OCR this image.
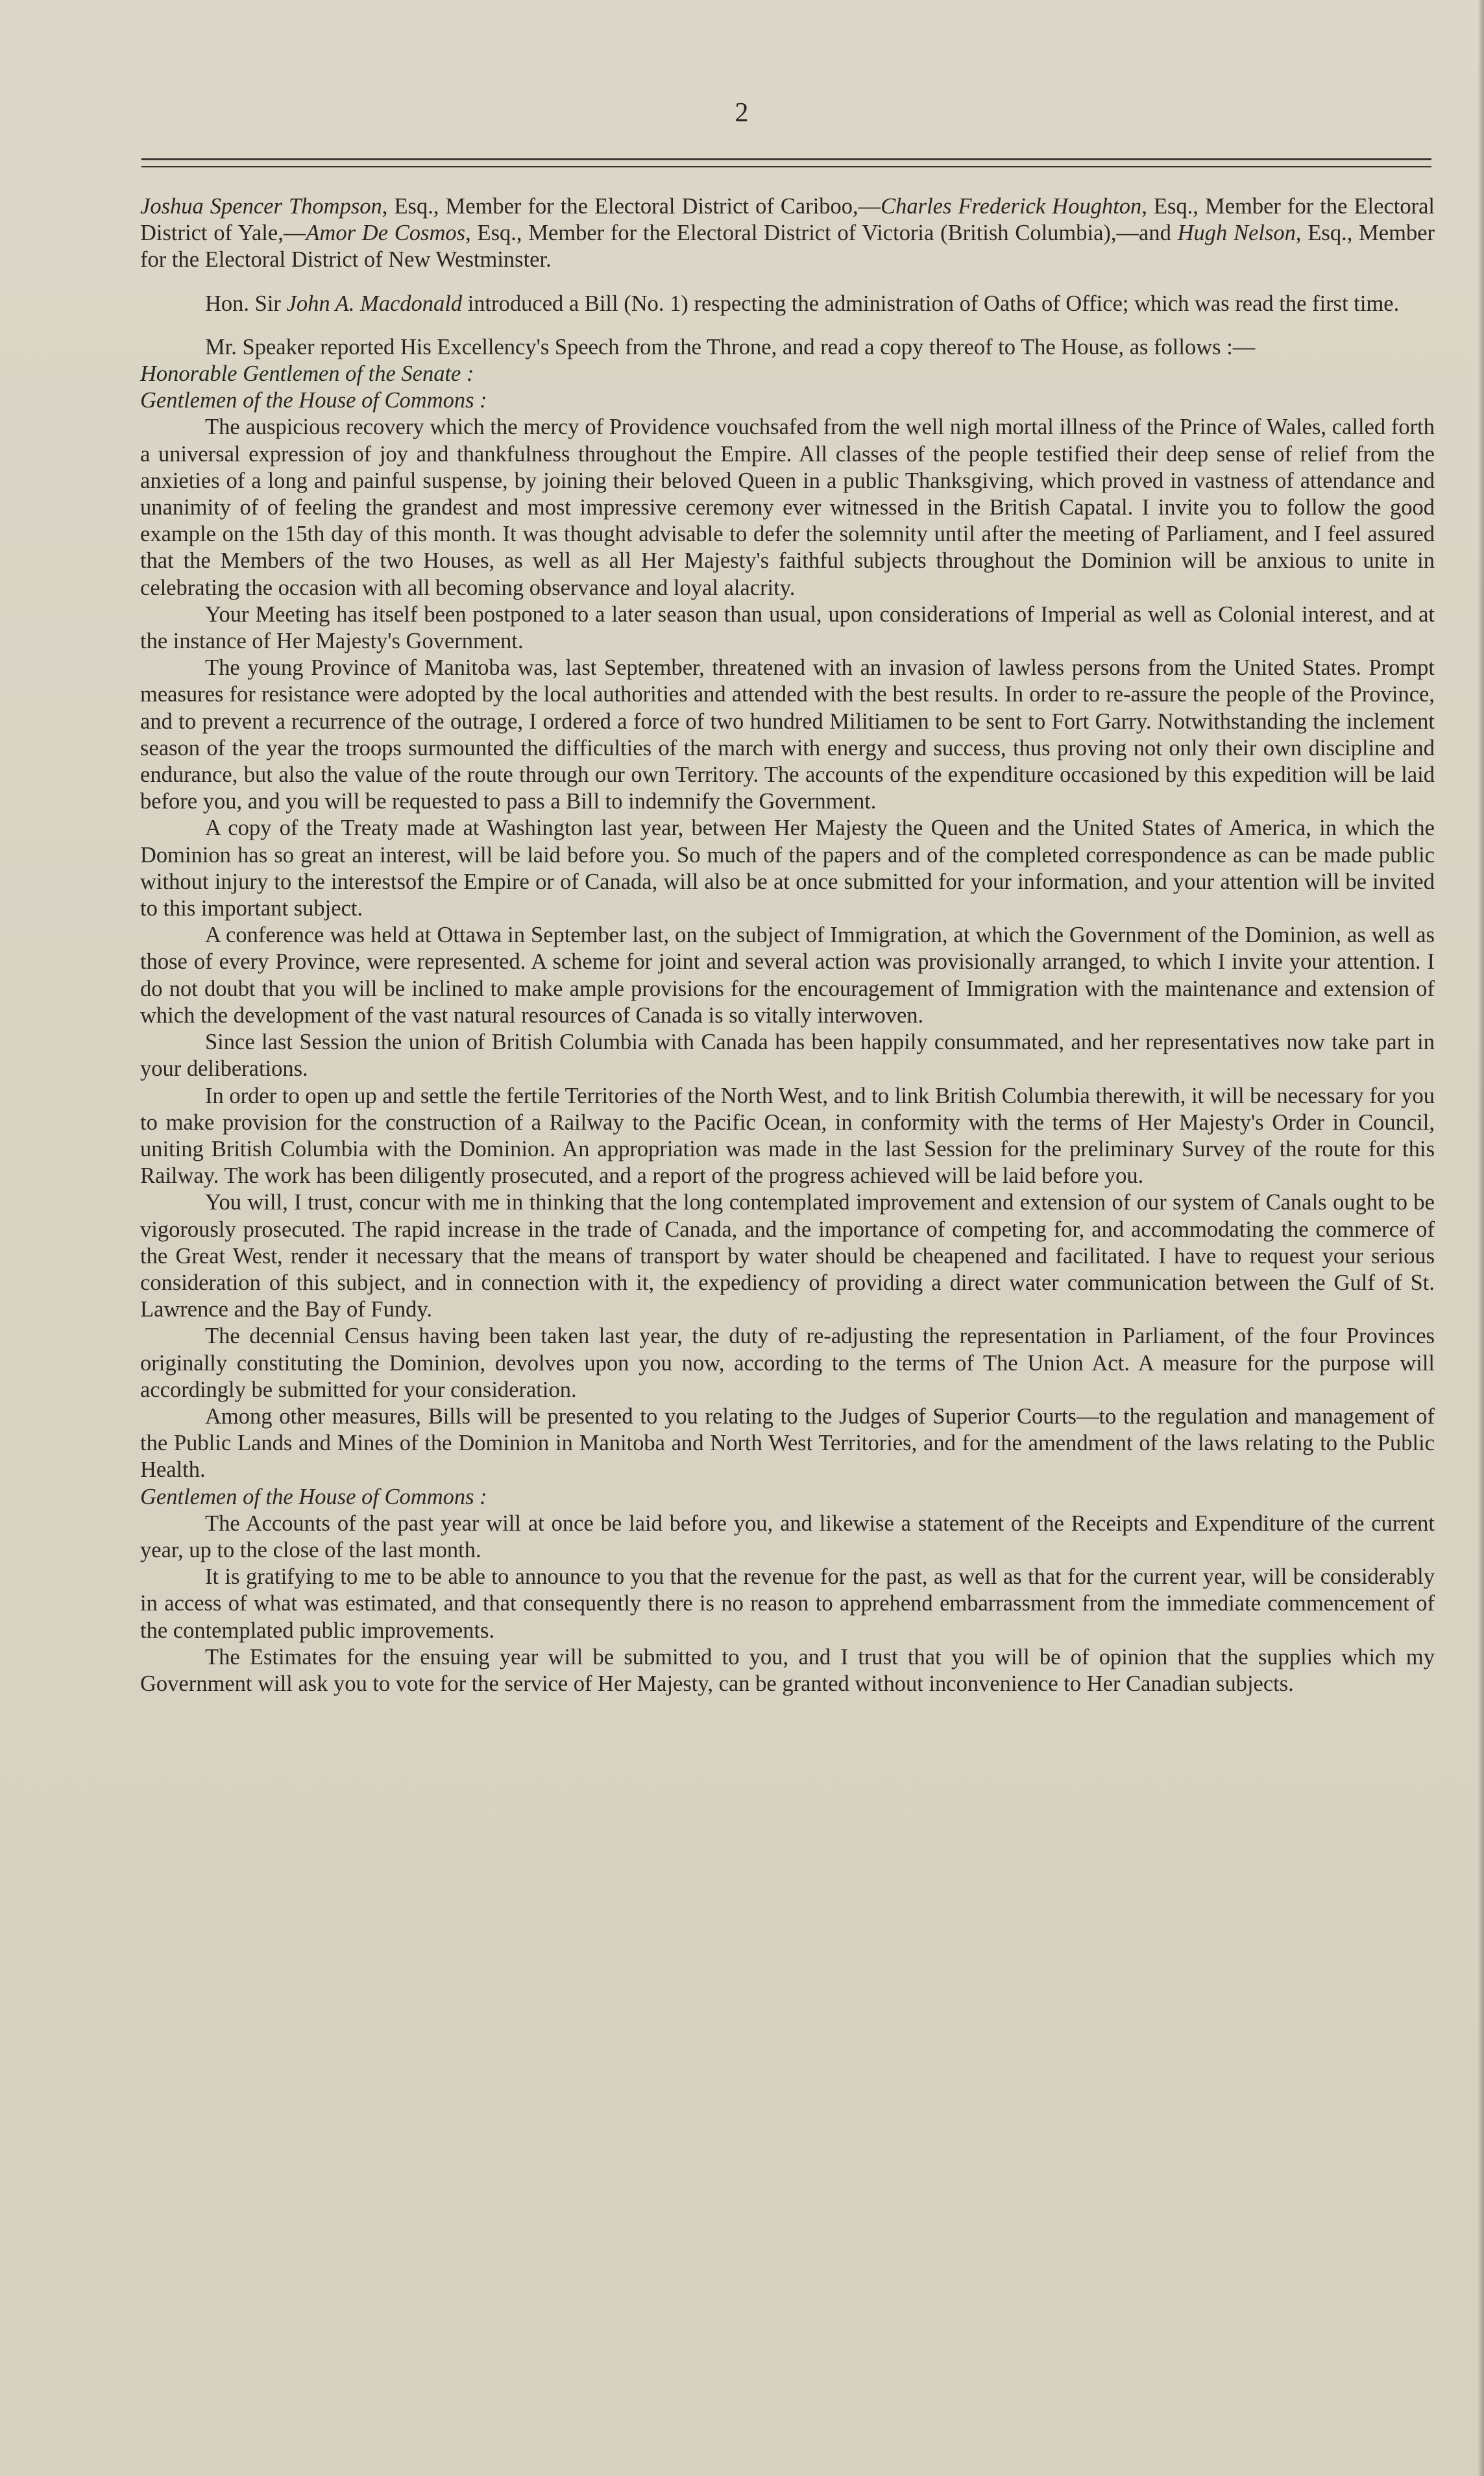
2

Joshua Spencer Thompson, Esq., Member for the Electoral District of Cariboo,—Charles Frederick Houghton, Esq., Member for the Electoral District of Yale,—Amor De Cosmos, Esq., Member for the Electoral District of Victoria (British Columbia),—and Hugh Nelson, Esq., Member for the Electoral District of New Westminster.

Hon. Sir John A. Macdonald introduced a Bill (No. 1) respecting the administration of Oaths of Office; which was read the first time.

Mr. Speaker reported His Excellency's Speech from the Throne, and read a copy thereof to The House, as follows :—

Honorable Gentlemen of the Senate :

Gentlemen of the House of Commons :

The auspicious recovery which the mercy of Providence vouchsafed from the well nigh mortal illness of the Prince of Wales, called forth a universal expression of joy and thankfulness throughout the Empire. All classes of the people testified their deep sense of relief from the anxieties of a long and painful suspense, by joining their beloved Queen in a public Thanksgiving, which proved in vastness of attendance and unanimity of of feeling the grandest and most impressive ceremony ever witnessed in the British Capatal. I invite you to follow the good example on the 15th day of this month. It was thought advisable to defer the solemnity until after the meeting of Parliament, and I feel assured that the Members of the two Houses, as well as all Her Majesty's faithful subjects throughout the Dominion will be anxious to unite in celebrating the occasion with all becoming observance and loyal alacrity.

Your Meeting has itself been postponed to a later season than usual, upon considerations of Imperial as well as Colonial interest, and at the instance of Her Majesty's Government.

The young Province of Manitoba was, last September, threatened with an invasion of lawless persons from the United States. Prompt measures for resistance were adopted by the local authorities and attended with the best results. In order to re-assure the people of the Province, and to prevent a recurrence of the outrage, I ordered a force of two hundred Militiamen to be sent to Fort Garry. Notwithstanding the inclement season of the year the troops surmounted the difficulties of the march with energy and success, thus proving not only their own discipline and endurance, but also the value of the route through our own Territory. The accounts of the expenditure occasioned by this expedition will be laid before you, and you will be requested to pass a Bill to indemnify the Government.

A copy of the Treaty made at Washington last year, between Her Majesty the Queen and the United States of America, in which the Dominion has so great an interest, will be laid before you. So much of the papers and of the completed correspondence as can be made public without injury to the interestsof the Empire or of Canada, will also be at once submitted for your information, and your attention will be invited to this important subject.

A conference was held at Ottawa in September last, on the subject of Immigration, at which the Government of the Dominion, as well as those of every Province, were represented. A scheme for joint and several action was provisionally arranged, to which I invite your attention. I do not doubt that you will be inclined to make ample provisions for the encouragement of Immigration with the maintenance and extension of which the development of the vast natural resources of Canada is so vitally interwoven.

Since last Session the union of British Columbia with Canada has been happily consummated, and her representatives now take part in your deliberations.

In order to open up and settle the fertile Territories of the North West, and to link British Columbia therewith, it will be necessary for you to make provision for the construction of a Railway to the Pacific Ocean, in conformity with the terms of Her Majesty's Order in Council, uniting British Columbia with the Dominion. An appropriation was made in the last Session for the preliminary Survey of the route for this Railway. The work has been diligently prosecuted, and a report of the progress achieved will be laid before you.

You will, I trust, concur with me in thinking that the long contemplated improvement and extension of our system of Canals ought to be vigorously prosecuted. The rapid increase in the trade of Canada, and the importance of competing for, and accommodating the commerce of the Great West, render it necessary that the means of transport by water should be cheapened and facilitated. I have to request your serious consideration of this subject, and in connection with it, the expediency of providing a direct water communication between the Gulf of St. Lawrence and the Bay of Fundy.

The decennial Census having been taken last year, the duty of re-adjusting the representation in Parliament, of the four Provinces originally constituting the Dominion, devolves upon you now, according to the terms of The Union Act. A measure for the purpose will accordingly be submitted for your consideration.

Among other measures, Bills will be presented to you relating to the Judges of Superior Courts—to the regulation and management of the Public Lands and Mines of the Dominion in Manitoba and North West Territories, and for the amendment of the laws relating to the Public Health.

Gentlemen of the House of Commons :

The Accounts of the past year will at once be laid before you, and likewise a statement of the Receipts and Expenditure of the current year, up to the close of the last month.

It is gratifying to me to be able to announce to you that the revenue for the past, as well as that for the current year, will be considerably in access of what was estimated, and that consequently there is no reason to apprehend embarrassment from the immediate commencement of the contemplated public improvements.

The Estimates for the ensuing year will be submitted to you, and I trust that you will be of opinion that the supplies which my Government will ask you to vote for the service of Her Majesty, can be granted without inconvenience to Her Canadian subjects.
